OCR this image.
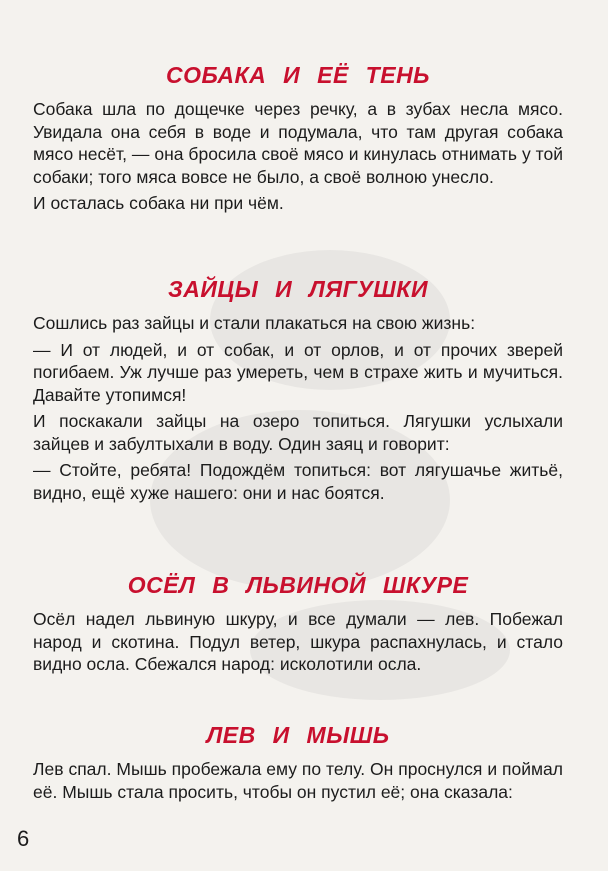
СОБАКА И ЕЁ ТЕНЬ

Собака шла по дощечке через речку, а в зубах несла мясо. Увидала она себя в воде и подумала, что там другая собака мясо несёт, — она бросила своё мясо и кинулась отнимать у той собаки; того мяса вовсе не было, а своё волною унесло.

И осталась собака ни при чём.

ЗАЙЦЫ И ЛЯГУШКИ

Сошлись раз зайцы и стали плакаться на свою жизнь:

— И от людей, и от собак, и от орлов, и от прочих зверей погибаем. Уж лучше раз умереть, чем в страхе жить и мучиться. Давайте утопимся!

И поскакали зайцы на озеро топиться. Лягушки услыхали зайцев и забултыхали в воду. Один заяц и говорит:

— Стойте, ребята! Подождём топиться: вот лягушачье житьё, видно, ещё хуже нашего: они и нас боятся.

ОСЁЛ В ЛЬВИНОЙ ШКУРЕ

Осёл надел львиную шкуру, и все думали — лев. Побежал народ и скотина. Подул ветер, шкура распахнулась, и стало видно осла. Сбежался народ: исколотили осла.

ЛЕВ И МЫШЬ

Лев спал. Мышь пробежала ему по телу. Он проснулся и поймал её. Мышь стала просить, чтобы он пустил её; она сказала:

6
